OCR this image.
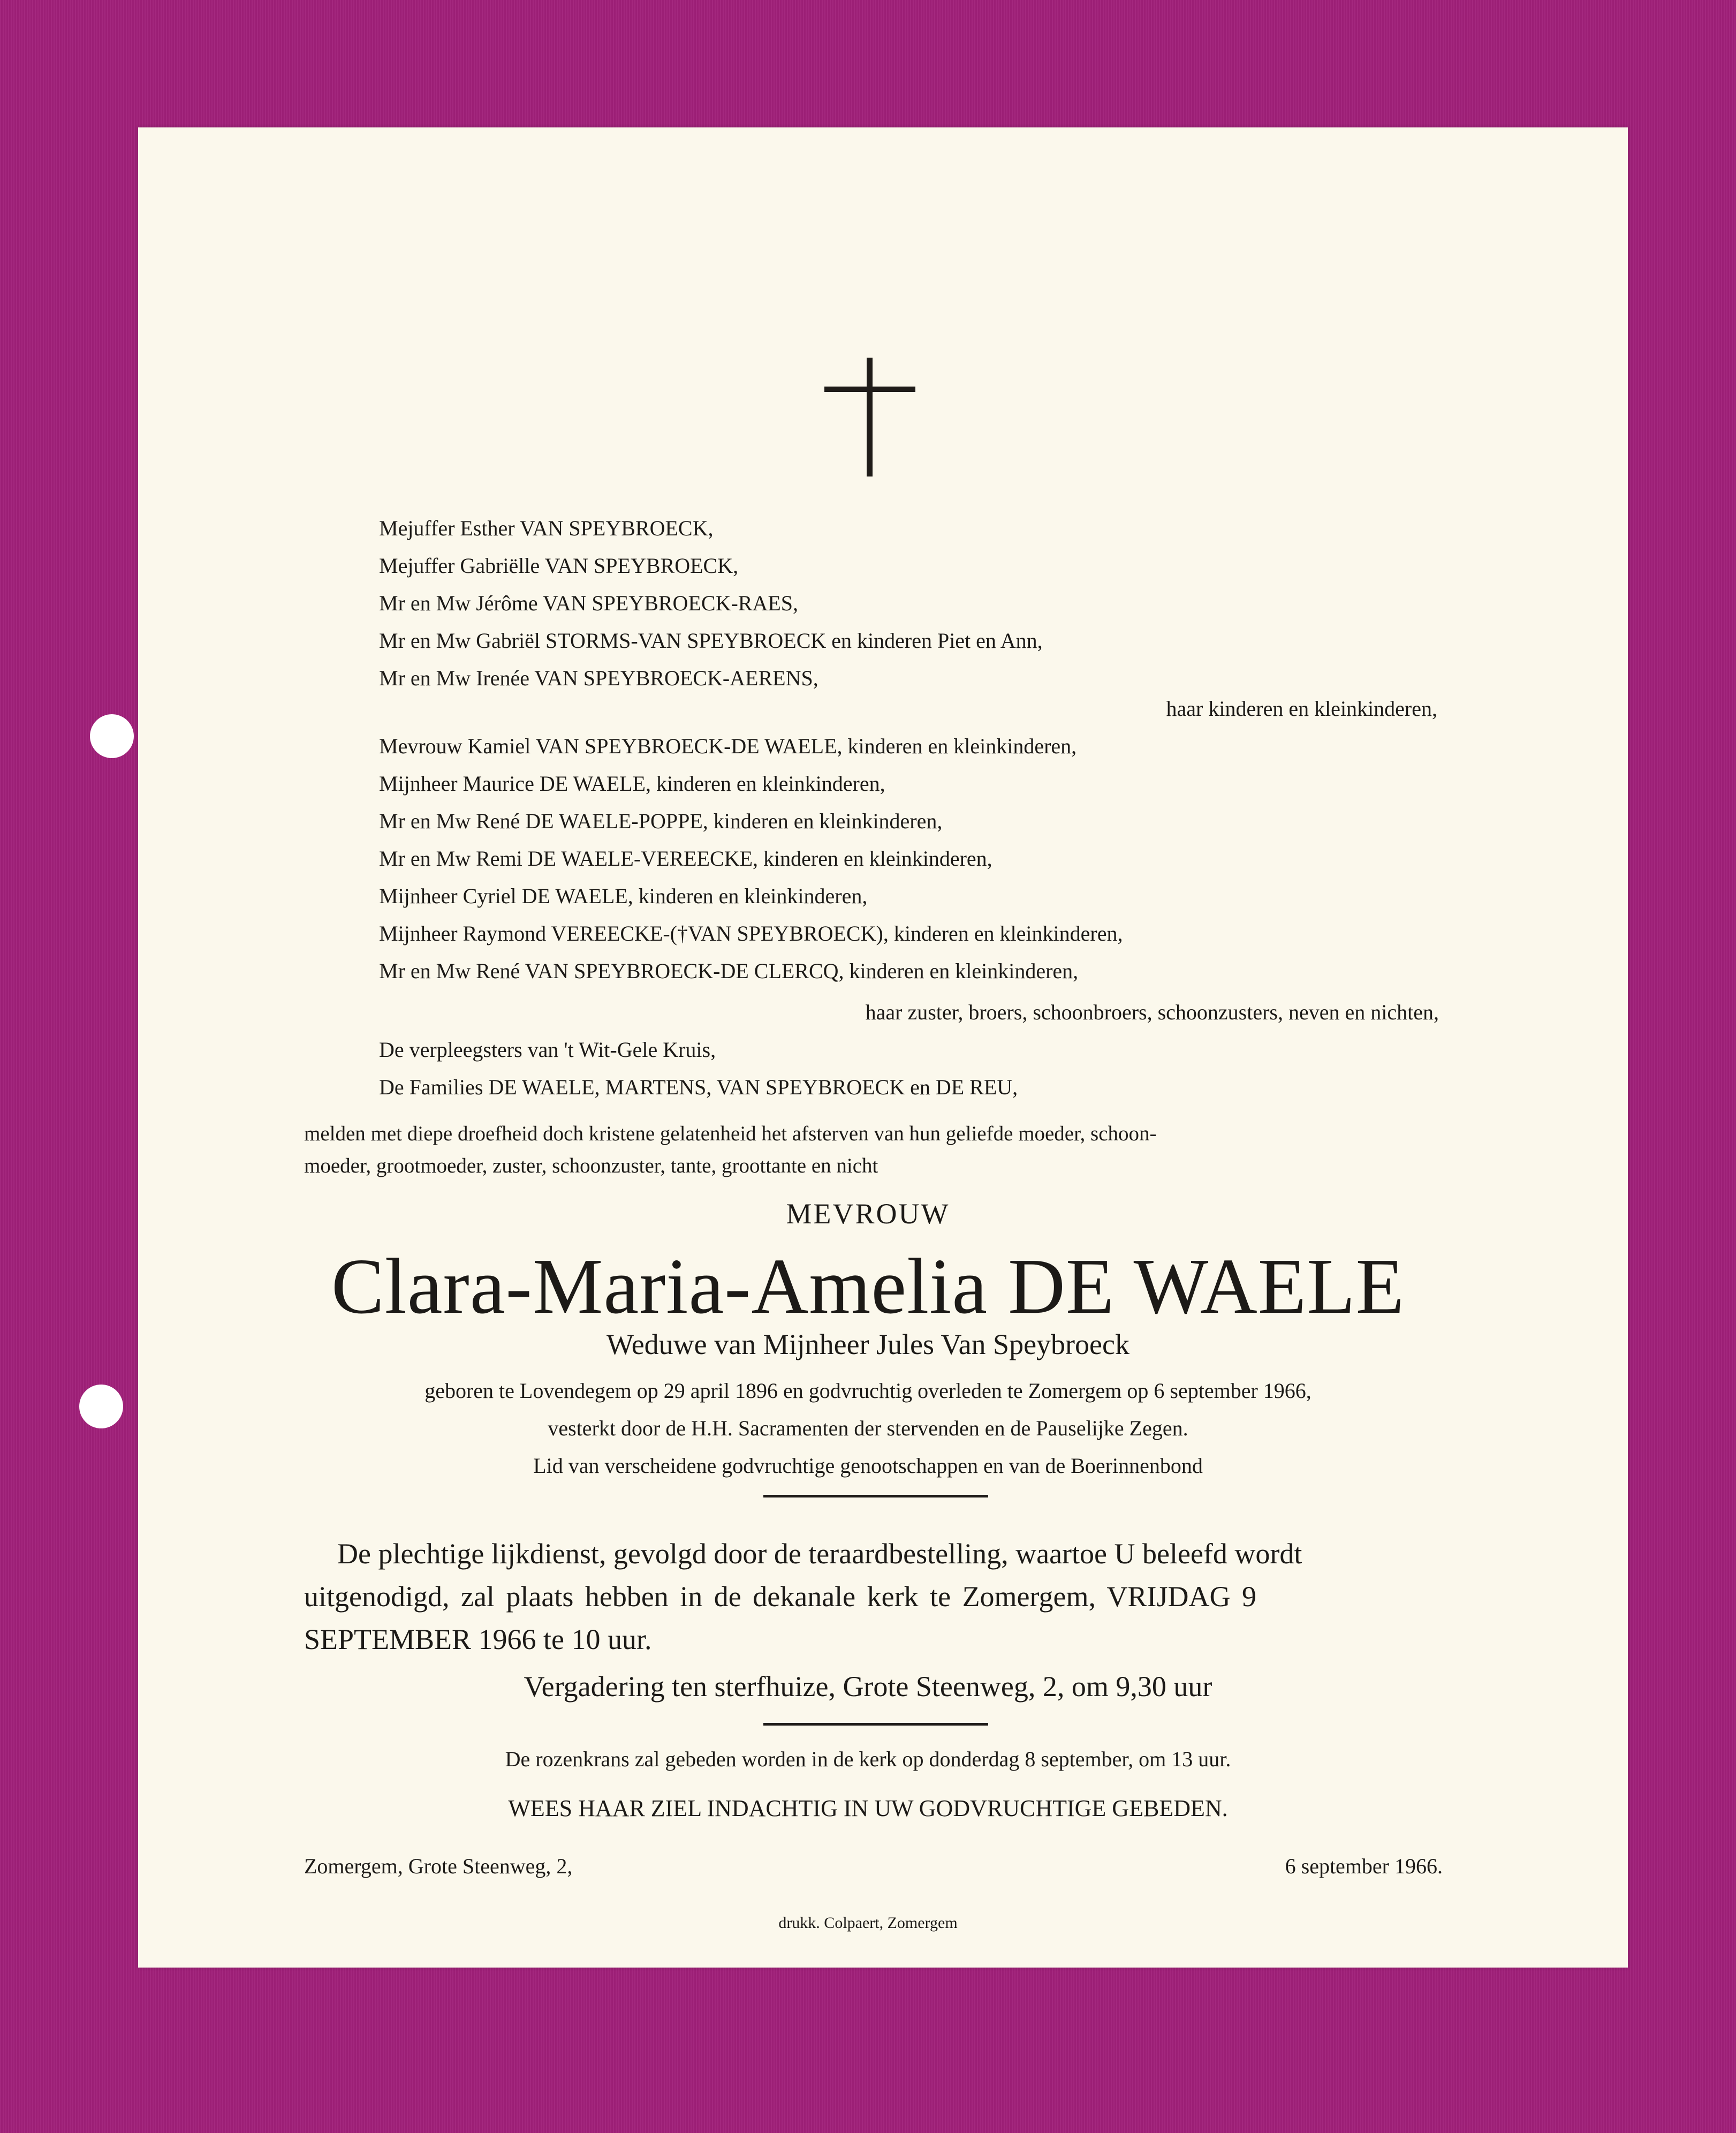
Mejuffer Esther VAN SPEYBROECK,
Mejuffer Gabriëlle VAN SPEYBROECK,
Mr en Mw Jérôme VAN SPEYBROECK-RAES,
Mr en Mw Gabriël STORMS-VAN SPEYBROECK en kinderen Piet en Ann,
Mr en Mw Irenée VAN SPEYBROECK-AERENS,
haar kinderen en kleinkinderen,
Mevrouw Kamiel VAN SPEYBROECK-DE WAELE, kinderen en kleinkinderen,
Mijnheer Maurice DE WAELE, kinderen en kleinkinderen,
Mr en Mw René DE WAELE-POPPE, kinderen en kleinkinderen,
Mr en Mw Remi DE WAELE-VEREECKE, kinderen en kleinkinderen,
Mijnheer Cyriel DE WAELE, kinderen en kleinkinderen,
Mijnheer Raymond VEREECKE-(†VAN SPEYBROECK), kinderen en kleinkinderen,
Mr en Mw René VAN SPEYBROECK-DE CLERCQ, kinderen en kleinkinderen,
haar zuster, broers, schoonbroers, schoonzusters, neven en nichten,
De verpleegsters van 't Wit-Gele Kruis,
De Families DE WAELE, MARTENS, VAN SPEYBROECK en DE REU,
melden met diepe droefheid doch kristene gelatenheid het afsterven van hun geliefde moeder, schoon-
moeder, grootmoeder, zuster, schoonzuster, tante, groottante en nicht
MEVROUW
Clara-Maria-Amelia DE WAELE
Weduwe van Mijnheer Jules Van Speybroeck
geboren te Lovendegem op 29 april 1896 en godvruchtig overleden te Zomergem op 6 september 1966,
vesterkt door de H.H. Sacramenten der stervenden en de Pauselijke Zegen.
Lid van verscheidene godvruchtige genootschappen en van de Boerinnenbond
De plechtige lijkdienst, gevolgd door de teraardbestelling, waartoe U beleefd wordt
uitgenodigd, zal plaats hebben in de dekanale kerk te Zomergem, VRIJDAG 9
SEPTEMBER 1966 te 10 uur.
Vergadering ten sterfhuize, Grote Steenweg, 2, om 9,30 uur
De rozenkrans zal gebeden worden in de kerk op donderdag 8 september, om 13 uur.
WEES HAAR ZIEL INDACHTIG IN UW GODVRUCHTIGE GEBEDEN.
Zomergem, Grote Steenweg, 2,	6 september 1966.
drukk. Colpaert, Zomergem
